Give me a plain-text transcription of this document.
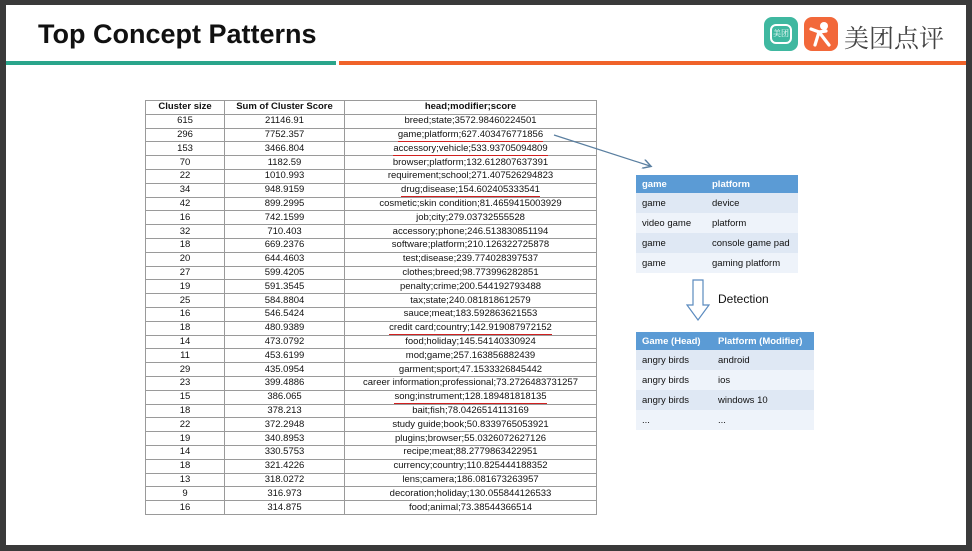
Top Concept Patterns	美团 美团点评
Cluster size	Sum of Cluster Score	head;modifier;score
615	21146.91	breed;state;3572.98460224501
296	7752.357	game;platform;627.403476771856
153	3466.804	accessory;vehicle;533.93705094809
70	1182.59	browser;platform;132.612807637391
22	1010.993	requirement;school;271.407526294823
34	948.9159	drug;disease;154.602405333541
42	899.2995	cosmetic;skin condition;81.4659415003929
16	742.1599	job;city;279.03732555528
32	710.403	accessory;phone;246.513830851194
18	669.2376	software;platform;210.126322725878
20	644.4603	test;disease;239.774028397537
27	599.4205	clothes;breed;98.773996282851
19	591.3545	penalty;crime;200.544192793488
25	584.8804	tax;state;240.081818612579
16	546.5424	sauce;meat;183.592863621553
18	480.9389	credit card;country;142.919087972152
14	473.0792	food;holiday;145.54140330924
11	453.6199	mod;game;257.163856882439
29	435.0954	garment;sport;47.1533326845442
23	399.4886	career information;professional;73.2726483731257
15	386.065	song;instrument;128.189481818135
18	378.213	bait;fish;78.0426514113169
22	372.2948	study guide;book;50.8339765053921
19	340.8953	plugins;browser;55.0326072627126
14	330.5753	recipe;meat;88.2779863422951
18	321.4226	currency;country;110.825444188352
13	318.0272	lens;camera;186.081673263957
9	316.973	decoration;holiday;130.055844126533
16	314.875	food;animal;73.38544366514
game	platform
game	device
video game	platform
game	console game pad
game	gaming platform
Detection
Game (Head)	Platform (Modifier)
angry birds	android
angry birds	ios
angry birds	windows 10
...	...
